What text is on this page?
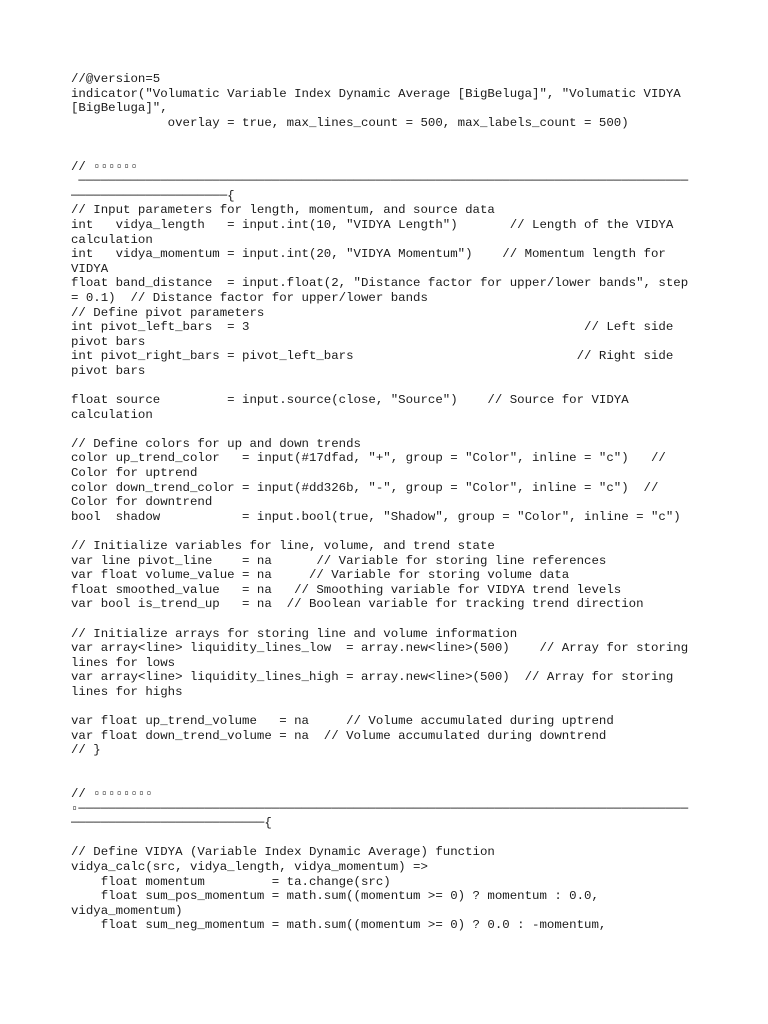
//@version=5
indicator("Volumatic Variable Index Dynamic Average [BigBeluga]", "Volumatic VIDYA
[BigBeluga]",
overlay = true, max_lines_count = 500, max_labels_count = 500)
// ▫▫▫▫▫▫
──────────────────────────────────────────────────────────────────────────────────
─────────────────────{
// Input parameters for length, momentum, and source data
int   vidya_length   = input.int(10, "VIDYA Length")       // Length of the VIDYA
calculation
int   vidya_momentum = input.int(20, "VIDYA Momentum")    // Momentum length for
VIDYA
float band_distance  = input.float(2, "Distance factor for upper/lower bands", step
= 0.1)  // Distance factor for upper/lower bands
// Define pivot parameters
int pivot_left_bars  = 3                                             // Left side
pivot bars
int pivot_right_bars = pivot_left_bars                              // Right side
pivot bars
float source         = input.source(close, "Source")    // Source for VIDYA
calculation
// Define colors for up and down trends
color up_trend_color   = input(#17dfad, "+", group = "Color", inline = "c")   //
Color for uptrend
color down_trend_color = input(#dd326b, "-", group = "Color", inline = "c")  //
Color for downtrend
bool  shadow           = input.bool(true, "Shadow", group = "Color", inline = "c")
// Initialize variables for line, volume, and trend state
var line pivot_line    = na      // Variable for storing line references
var float volume_value = na     // Variable for storing volume data
float smoothed_value   = na   // Smoothing variable for VIDYA trend levels
var bool is_trend_up   = na  // Boolean variable for tracking trend direction
// Initialize arrays for storing line and volume information
var array<line> liquidity_lines_low  = array.new<line>(500)    // Array for storing
lines for lows
var array<line> liquidity_lines_high = array.new<line>(500)  // Array for storing
lines for highs
var float up_trend_volume   = na     // Volume accumulated during uptrend
var float down_trend_volume = na  // Volume accumulated during downtrend
// }
// ▫▫▫▫▫▫▫▫
▫──────────────────────────────────────────────────────────────────────────────────
──────────────────────────{
// Define VIDYA (Variable Index Dynamic Average) function
vidya_calc(src, vidya_length, vidya_momentum) =>
float momentum         = ta.change(src)
float sum_pos_momentum = math.sum((momentum >= 0) ? momentum : 0.0,
vidya_momentum)
float sum_neg_momentum = math.sum((momentum >= 0) ? 0.0 : -momentum,
